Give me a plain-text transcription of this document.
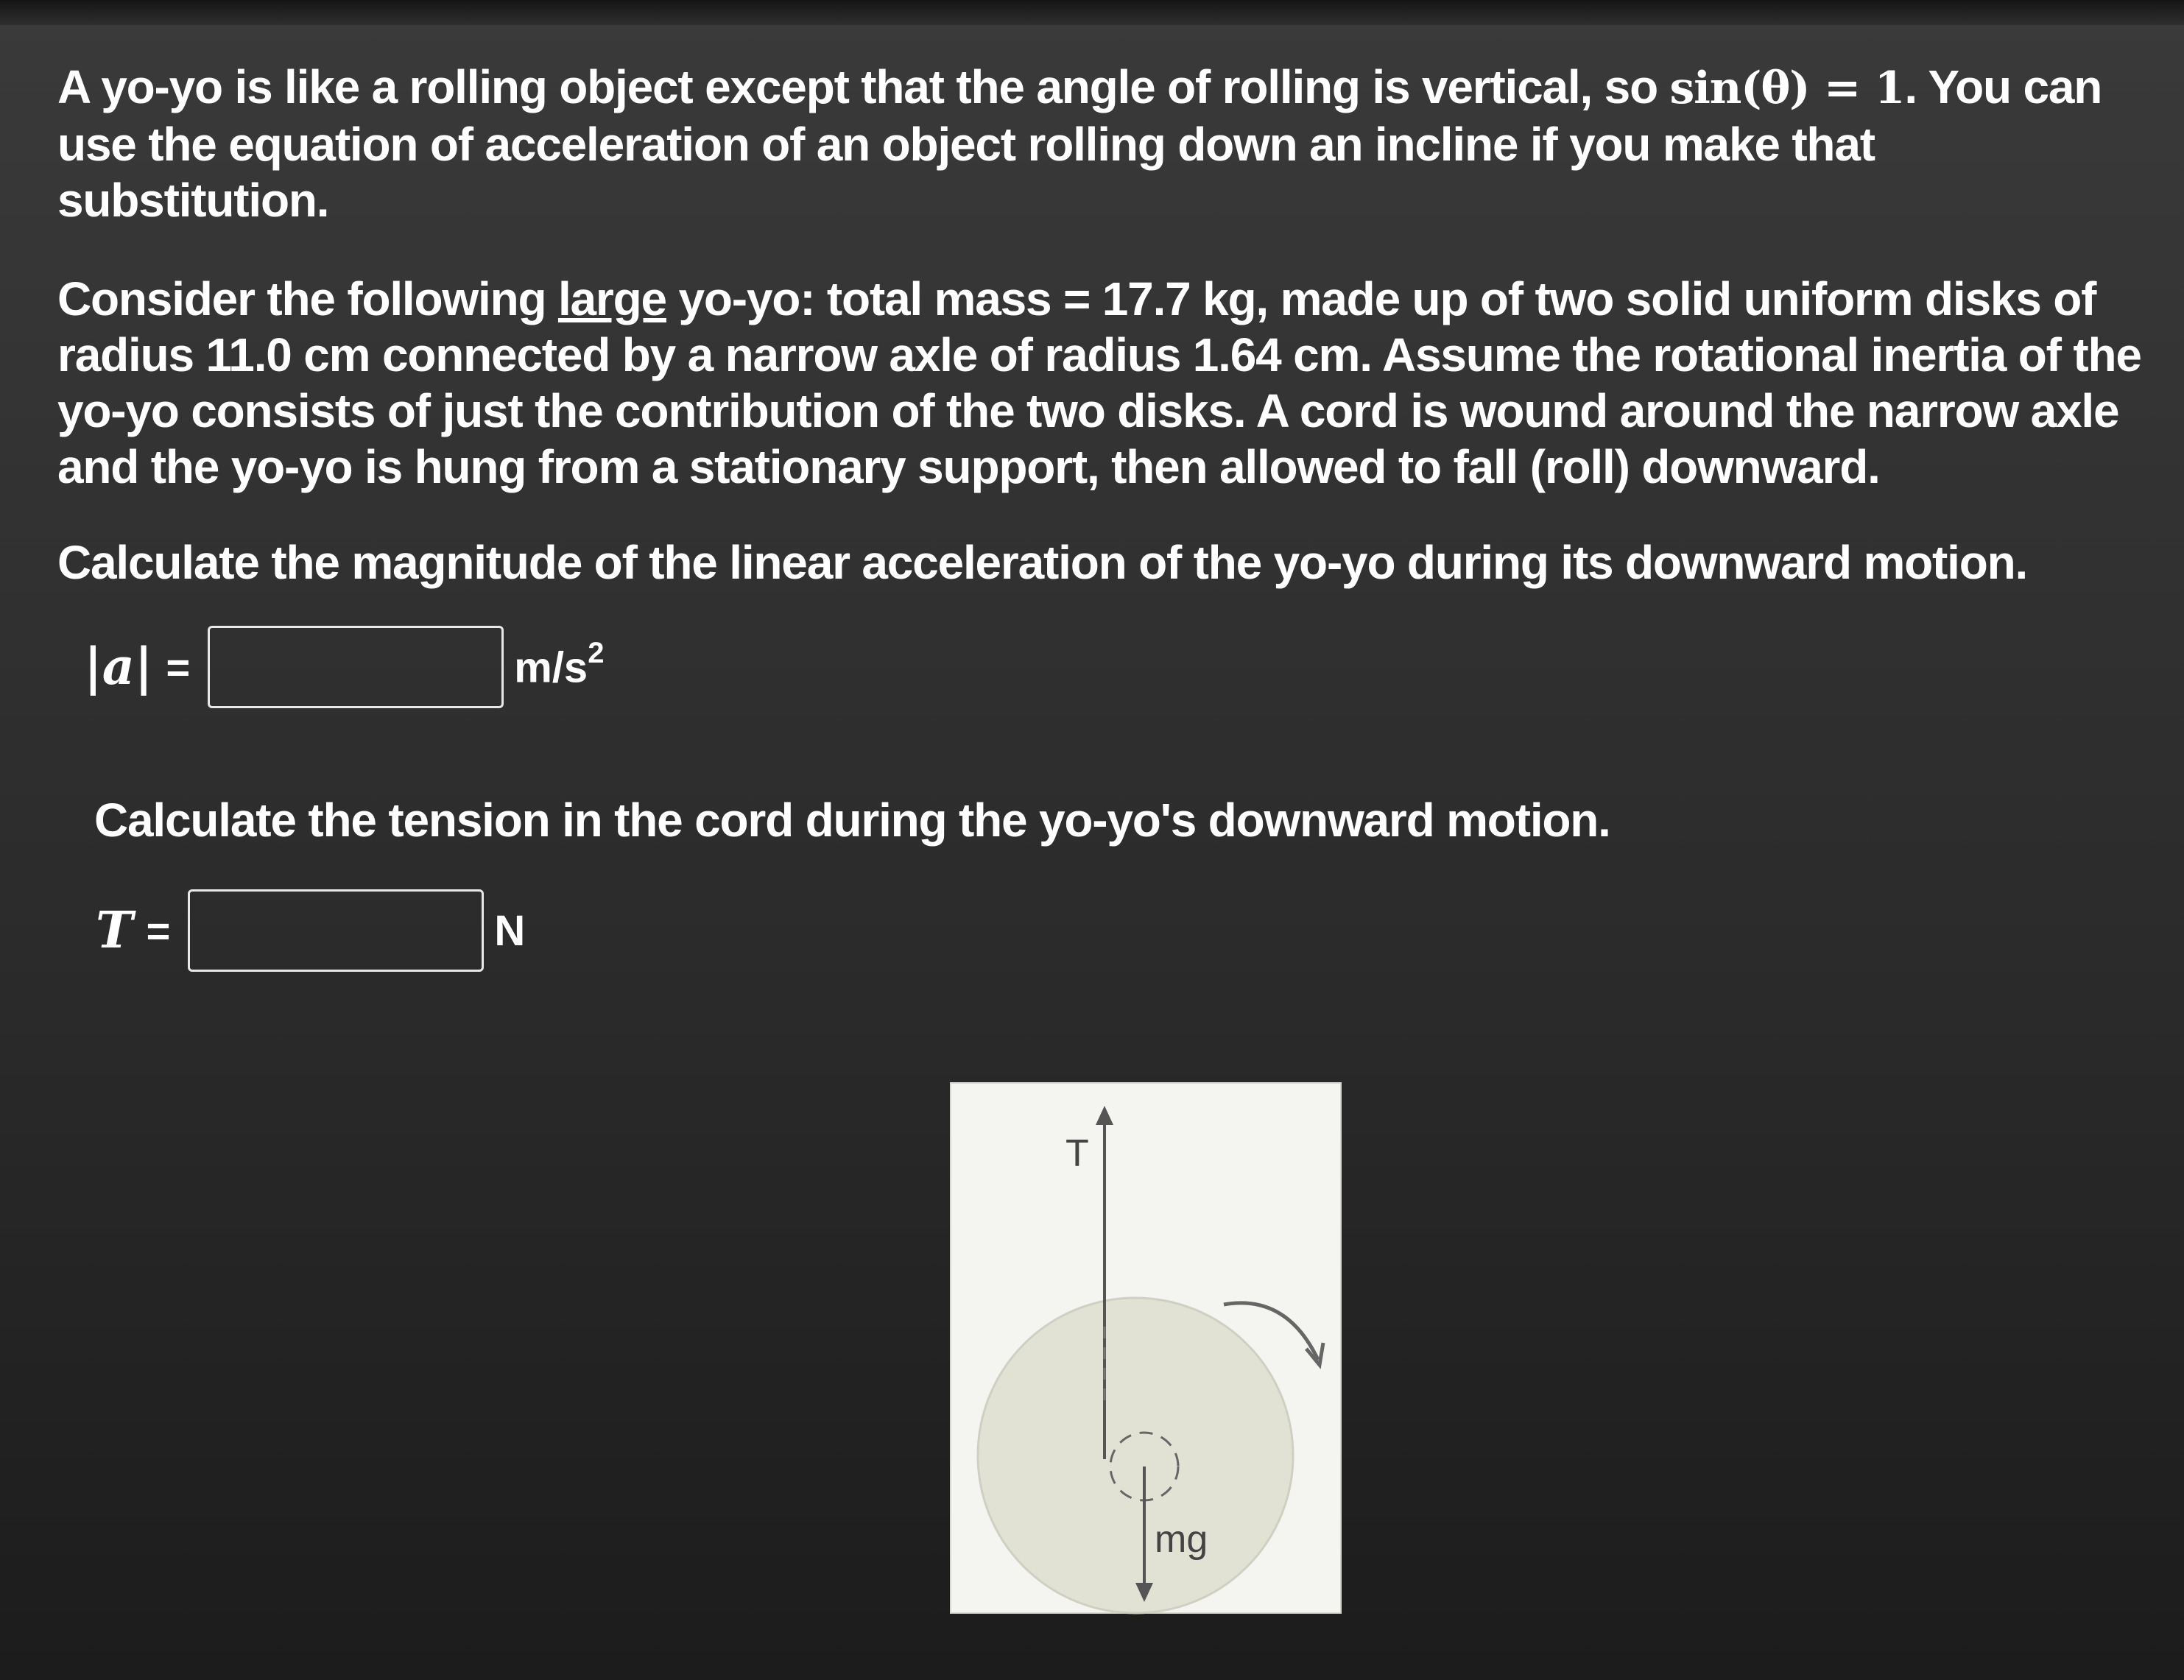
A yo-yo is like a rolling object except that the angle of rolling is vertical, so sin(θ) = 1. You can use the equation of acceleration of an object rolling down an incline if you make that substitution.

Consider the following large yo-yo: total mass = 17.7 kg, made up of two solid uniform disks of radius 11.0 cm connected by a narrow axle of radius 1.64 cm. Assume the rotational inertia of the yo-yo consists of just the contribution of the two disks. A cord is wound around the narrow axle and the yo-yo is hung from a stationary support, then allowed to fall (roll) downward.

Calculate the magnitude of the linear acceleration of the yo-yo during its downward motion.

|a| =	$m/s^2$

Calculate the tension in the cord during the yo-yo's downward motion.

T =	N
T
mg
